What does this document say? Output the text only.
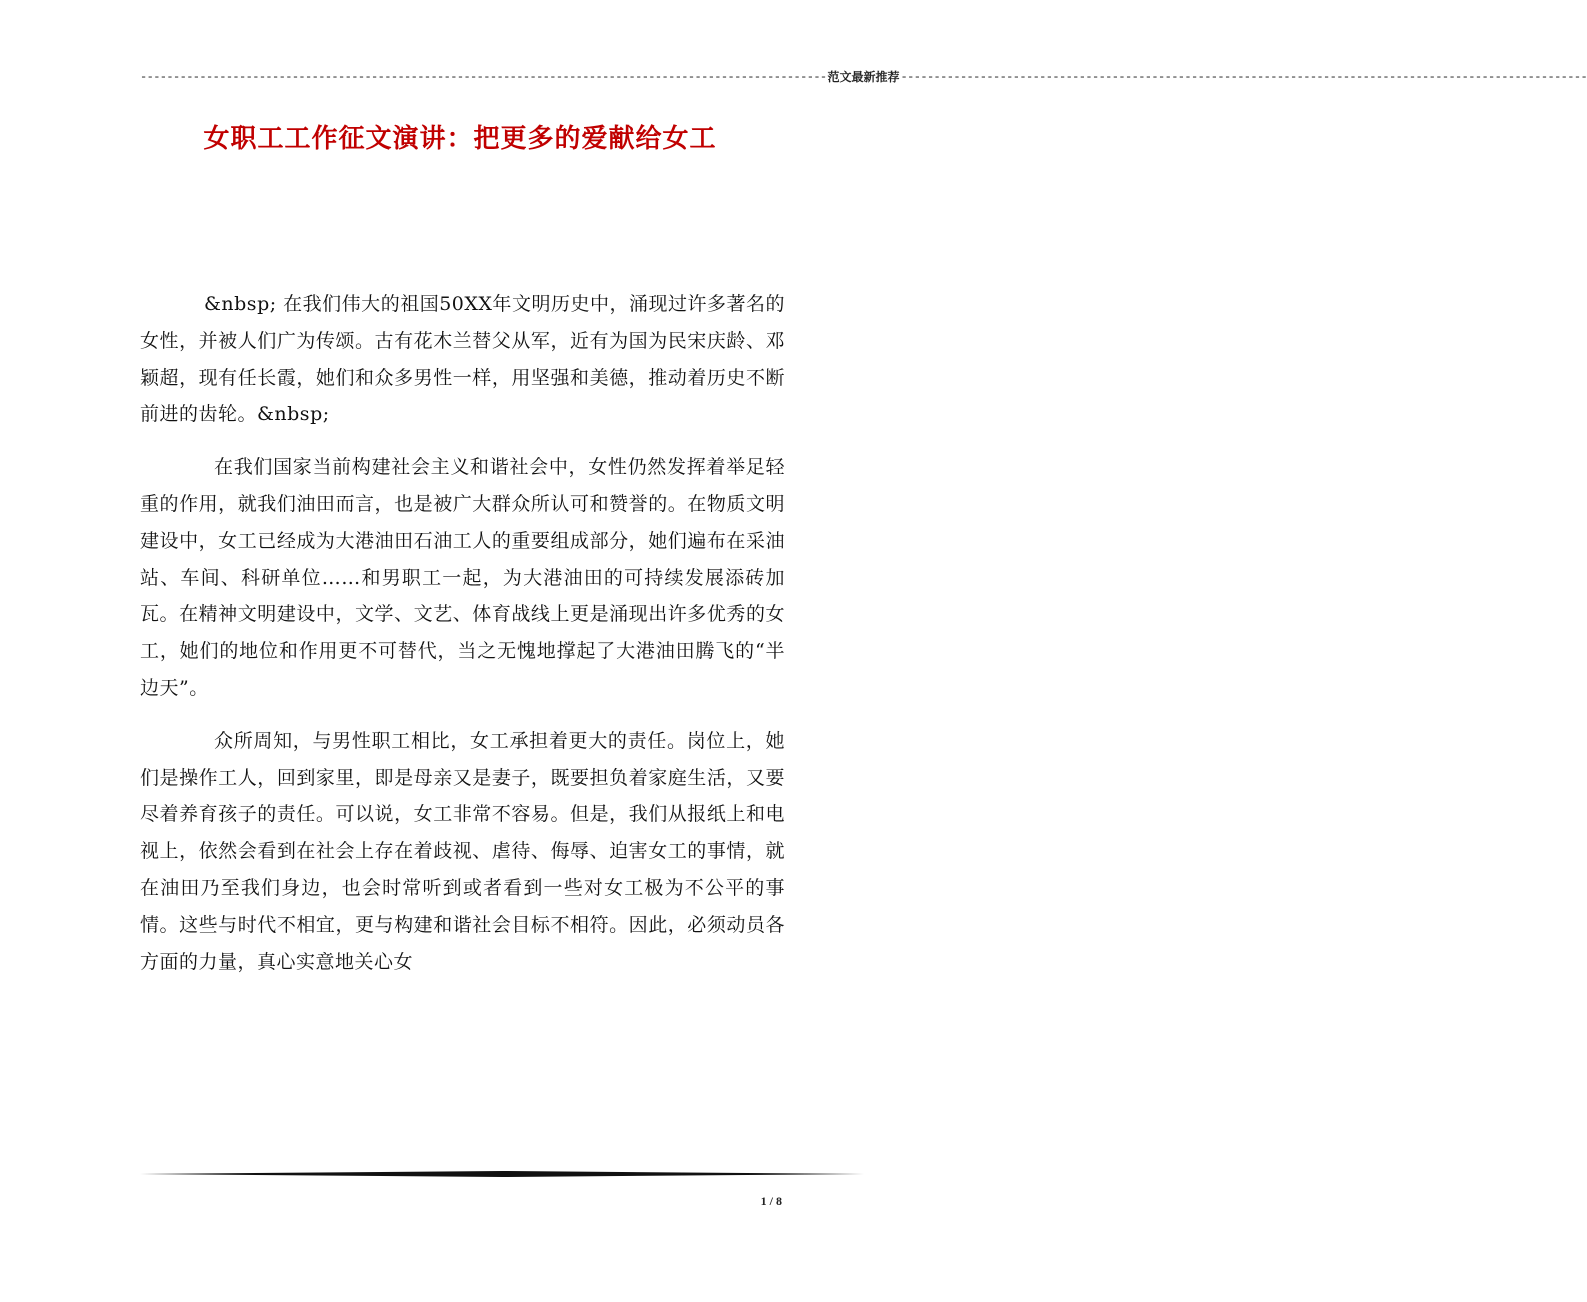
-------------------------------------------------------------------------------------------------------- 范文最新推荐 --------------------------------------------------------------------------------------------------------
女职工工作征文演讲：把更多的爱献给女工

&nbsp; 在我们伟大的祖国50XX年文明历史中，涌现过许多著名的女性，并被人们广为传颂。古有花木兰替父从军，近有为国为民宋庆龄、邓颖超，现有任长霞，她们和众多男性一样，用坚强和美德，推动着历史不断前进的齿轮。&nbsp;

在我们国家当前构建社会主义和谐社会中，女性仍然发挥着举足轻重的作用，就我们油田而言，也是被广大群众所认可和赞誉的。在物质文明建设中，女工已经成为大港油田石油工人的重要组成部分，她们遍布在采油站、车间、科研单位……和男职工一起，为大港油田的可持续发展添砖加瓦。在精神文明建设中，文学、文艺、体育战线上更是涌现出许多优秀的女工，她们的地位和作用更不可替代，当之无愧地撑起了大港油田腾飞的“半边天”。

众所周知，与男性职工相比，女工承担着更大的责任。岗位上，她们是操作工人，回到家里，即是母亲又是妻子，既要担负着家庭生活，又要尽着养育孩子的责任。可以说，女工非常不容易。但是，我们从报纸上和电视上，依然会看到在社会上存在着歧视、虐待、侮辱、迫害女工的事情，就在油田乃至我们身边，也会时常听到或者看到一些对女工极为不公平的事情。这些与时代不相宜，更与构建和谐社会目标不相符。因此，必须动员各方面的力量，真心实意地关心女

1 / 8
